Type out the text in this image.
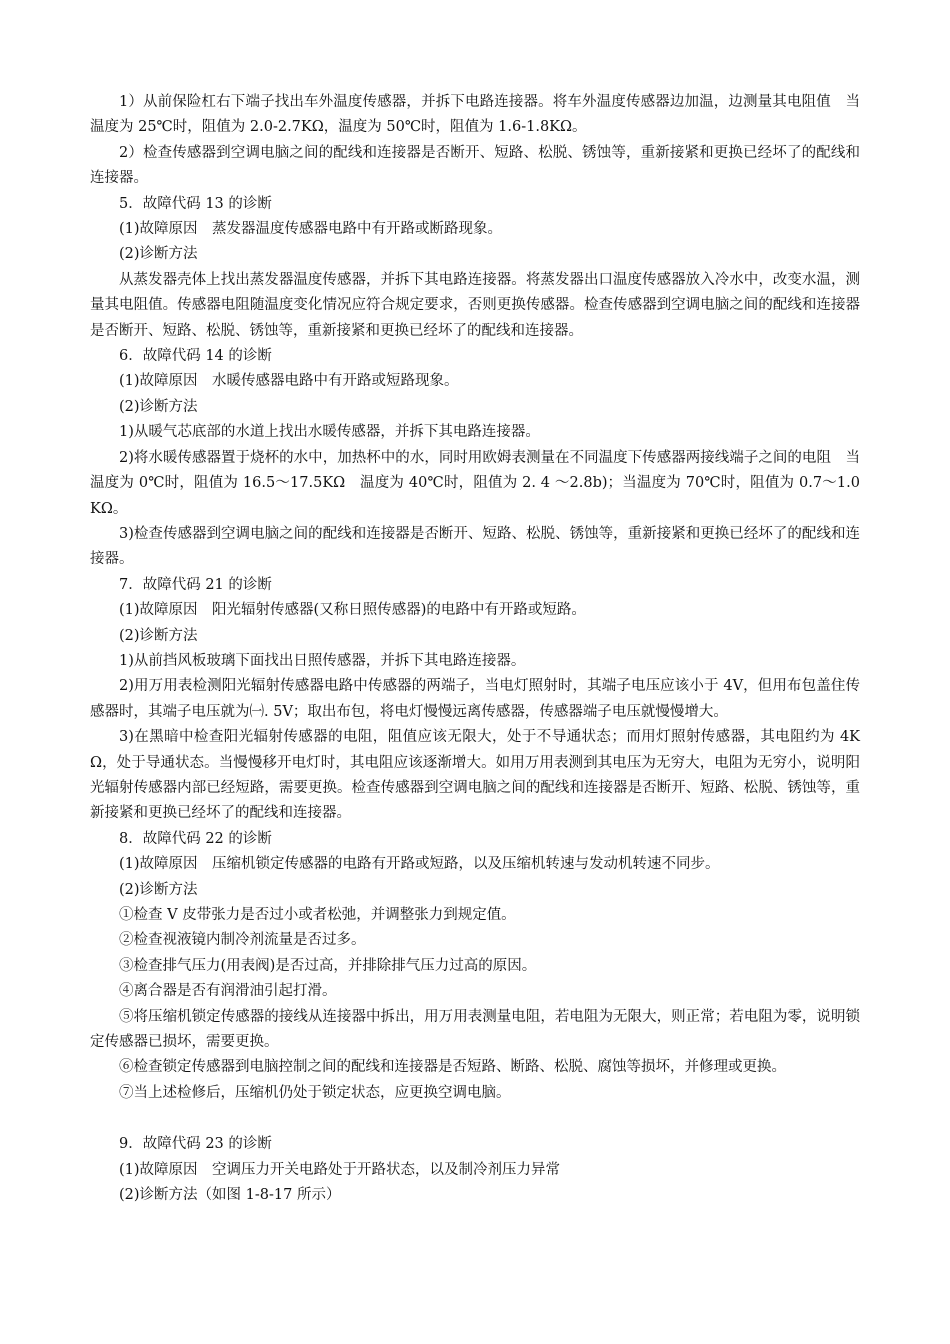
1）从前保险杠右下端子找出车外温度传感器，并拆下电路连接器。将车外温度传感器边加温，边测量其电阻值　当温度为 25℃时，阻值为 2.0-2.7KΩ，温度为 50℃时，阻值为 1.6-1.8KΩ。

2）检查传感器到空调电脑之间的配线和连接器是否断开、短路、松脱、锈蚀等，重新接紧和更换已经坏了的配线和连接器。

5．故障代码 13 的诊断

(1)故障原因　蒸发器温度传感器电路中有开路或断路现象。

(2)诊断方法

从蒸发器壳体上找出蒸发器温度传感器，并拆下其电路连接器。将蒸发器出口温度传感器放入冷水中，改变水温，测量其电阻值。传感器电阻随温度变化情况应符合规定要求，否则更换传感器。检查传感器到空调电脑之间的配线和连接器是否断开、短路、松脱、锈蚀等，重新接紧和更换已经坏了的配线和连接器。

6．故障代码 14 的诊断

(1)故障原因　水暖传感器电路中有开路或短路现象。

(2)诊断方法

1)从暖气芯底部的水道上找出水暖传感器，并拆下其电路连接器。

2)将水暖传感器置于烧杯的水中，加热杯中的水，同时用欧姆表测量在不同温度下传感器两接线端子之间的电阻　当温度为 0℃时，阻值为 16.5～17.5KΩ　温度为 40℃时，阻值为 2. 4 ～2.8b)；当温度为 70℃时，阻值为 0.7～1.0KΩ。

3)检查传感器到空调电脑之间的配线和连接器是否断开、短路、松脱、锈蚀等，重新接紧和更换已经坏了的配线和连接器。

7．故障代码 21 的诊断

(1)故障原因　阳光辐射传感器(又称日照传感器)的电路中有开路或短路。

(2)诊断方法

1)从前挡风板玻璃下面找出日照传感器，并拆下其电路连接器。

2)用万用表检测阳光辐射传感器电路中传感器的两端子，当电灯照射时，其端子电压应该小于 4V，但用布包盖住传感器时，其端子电压就为㈠. 5V；取出布包，将电灯慢慢远离传感器，传感器端子电压就慢慢增大。

3)在黑暗中检查阳光辐射传感器的电阻，阻值应该无限大，处于不导通状态；而用灯照射传感器，其电阻约为 4KΩ，处于导通状态。当慢慢移开电灯时，其电阻应该逐渐增大。如用万用表测到其电压为无穷大，电阻为无穷小，说明阳光辐射传感器内部已经短路，需要更换。检查传感器到空调电脑之间的配线和连接器是否断开、短路、松脱、锈蚀等，重新接紧和更换已经坏了的配线和连接器。

8．故障代码 22 的诊断

(1)故障原因　压缩机锁定传感器的电路有开路或短路，以及压缩机转速与发动机转速不同步。

(2)诊断方法

①检查 V 皮带张力是否过小或者松弛，并调整张力到规定值。

②检查视液镜内制冷剂流量是否过多。

③检查排气压力(用表阀)是否过高，并排除排气压力过高的原因。

④离合器是否有润滑油引起打滑。

⑤将压缩机锁定传感器的接线从连接器中拆出，用万用表测量电阻，若电阻为无限大，则正常；若电阻为零，说明锁定传感器已损坏，需要更换。

⑥检查锁定传感器到电脑控制之间的配线和连接器是否短路、断路、松脱、腐蚀等损坏，并修理或更换。

⑦当上述检修后，压缩机仍处于锁定状态，应更换空调电脑。

9．故障代码 23 的诊断

(1)故障原因　空调压力开关电路处于开路状态，以及制冷剂压力异常

(2)诊断方法（如图 1-8-17 所示）
